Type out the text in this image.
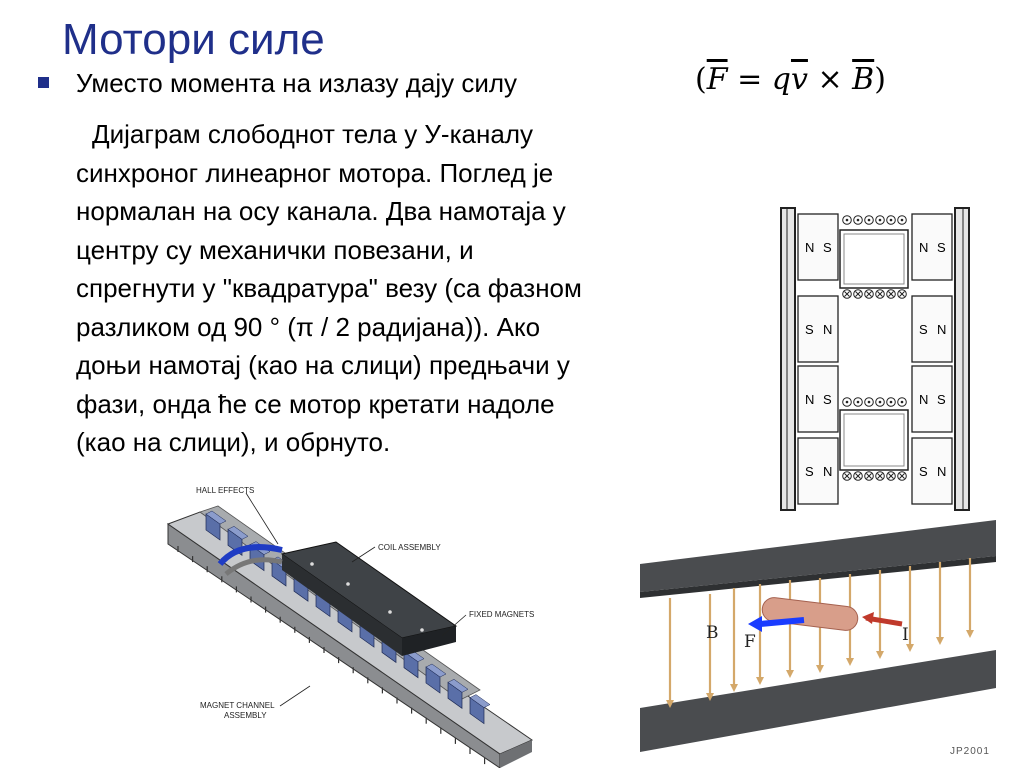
Мотори силе
Уместо момента на излазу дају силу	$(\overline{F} = q\overline{v} \times \overline{B})$
Дијаграм слободнот тела у У-каналу
синхроног линеарног мотора. Поглед је
нормалан на осу канала. Два намотаја у
центру су механички повезани, и
спрегнути у "квадратура" везу (са фазном
разликом од 90 ° (π / 2 радијана)). Ако
доњи намотај (као на слици) предњачи у
фази, онда ће се мотор кретати надоле
(као на слици), и обрнуто.
N S	N S
S N	S N
N S	N S
S N	S N
HALL EFFECTS
COIL ASSEMBLY
FIXED MAGNETS
MAGNET CHANNEL
ASSEMBLY
B F	I
JP2001
